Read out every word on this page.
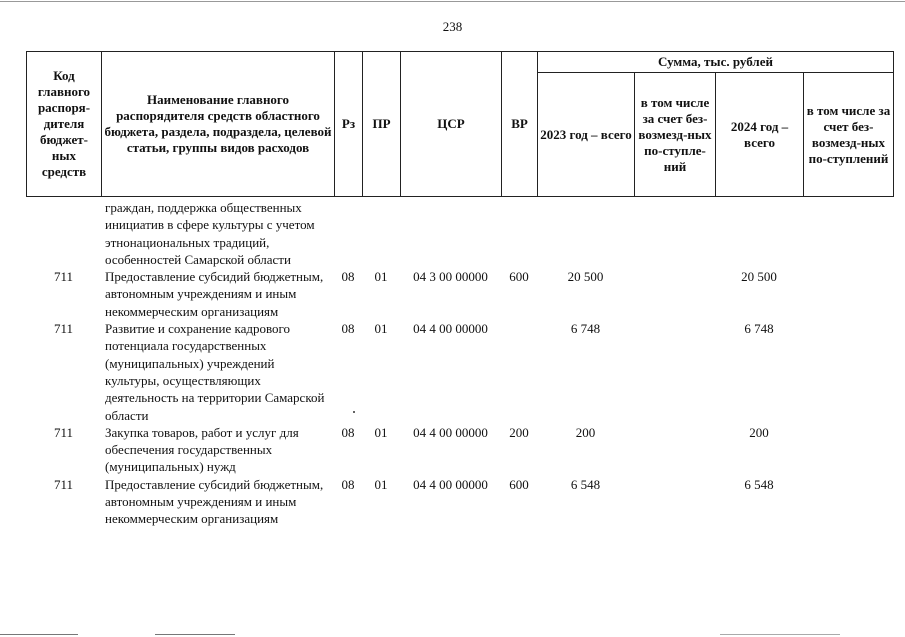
238
Код главного распоря-дителя бюджет-ных средств	Наименование главного распорядителя средств областного бюджета, раздела, подраздела, целевой статьи, группы видов расходов	Рз	ПР	ЦСР	ВР	Сумма, тыс. рублей			
						2023 год – всего	в том числе за счет без-возмезд-ных по-ступле-ний	2024 год – всего	в том числе за счет без-возмезд-ных по-ступлений
	граждан, поддержка общественных инициатив в сфере культуры с учетом этнонациональных традиций, особенностей Самарской области								
711	Предоставление субсидий бюджетным, автономным учреждениям и иным некоммерческим организациям	08	01	04 3 00 00000	600	20 500		20 500	
711	Развитие и сохранение кадрового потенциала государственных (муниципальных) учреждений культуры, осуществляющих деятельность на территории Самарской области	08	01	04 4 00 00000		6 748		6 748	
711	Закупка товаров, работ и услуг для обеспечения государственных (муниципальных) нужд	08	01	04 4 00 00000	200	200		200	
711	Предоставление субсидий бюджетным, автономным учреждениям и иным некоммерческим организациям	08	01	04 4 00 00000	600	6 548		6 548	
